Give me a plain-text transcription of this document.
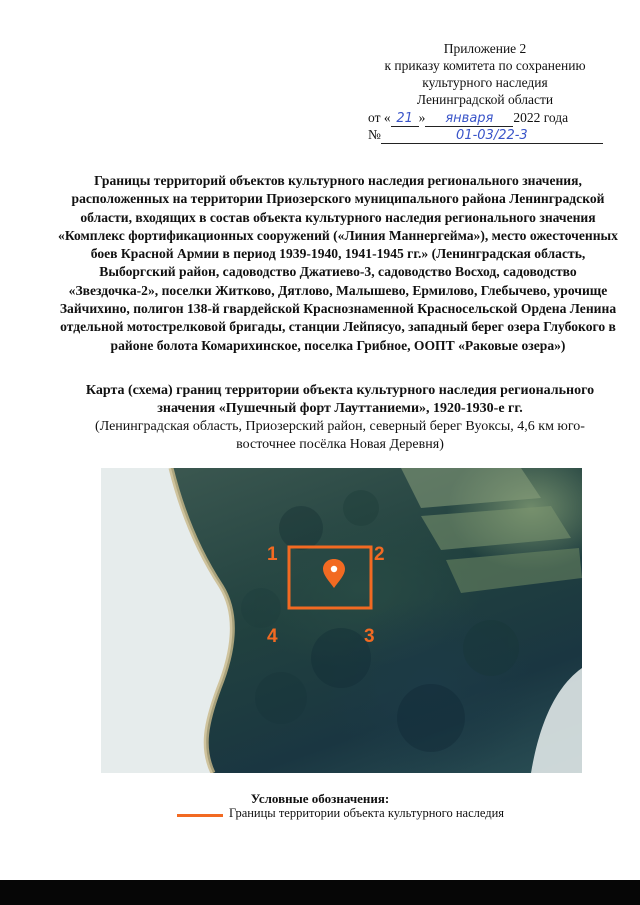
Приложение 2
к приказу комитета по сохранению
культурного наследия
Ленинградской области
от « 21 » января 2022 года
№	01-03/22-3
Границы территорий объектов культурного наследия регионального значения, расположенных на территории Приозерского муниципального района Ленинградской области, входящих в состав объекта культурного наследия регионального значения «Комплекс фортификационных сооружений («Линия Маннергейма»), место ожесточенных боев Красной Армии в период 1939-1940, 1941-1945 гг.» (Ленинградская область, Выборгский район, садоводство Джатиево-3, садоводство Восход, садоводство «Звездочка-2», поселки Житково, Дятлово, Малышево, Ермилово, Глебычево, урочище Зайчихино, полигон 138-й гвардейской Краснознаменной Красносельской Ордена Ленина отдельной мотострелковой бригады, станции Лейпясуо, западный берег озера Глубокого в районе болота Комарихинское, поселка Грибное, ООПТ «Раковые озера»)
Карта (схема) границ территории объекта культурного наследия регионального значения «Пушечный форт Лауттаниеми», 1920-1930-е гг.
(Ленинградская область, Приозерский район, северный берег Вуоксы, 4,6 км юго-восточнее посёлка Новая Деревня)
1	2
3
4
Условные обозначения:
Границы территории объекта культурного наследия
